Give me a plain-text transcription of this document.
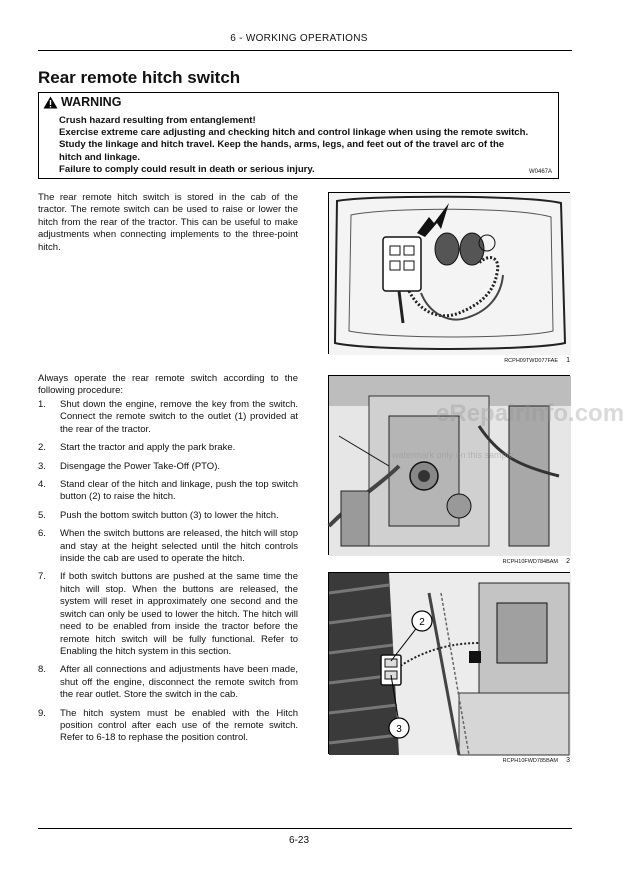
6 - WORKING OPERATIONS
Rear remote hitch switch
WARNING
Crush hazard resulting from entanglement!
Exercise extreme care adjusting and checking hitch and control linkage when using the remote switch.
Study the linkage and hitch travel. Keep the hands, arms, legs, and feet out of the travel arc of the
hitch and linkage.
Failure to comply could result in death or serious injury.	W0467A
The rear remote hitch switch is stored in the cab of the tractor. The remote switch can be used to raise or lower the hitch from the rear of the tractor. This can be useful to make adjustments when connecting implements to the three-point hitch.
Always operate the rear remote switch according to the following procedure:
1.	Shut down the engine, remove the key from the switch. Connect the remote switch to the outlet (1) provided at the rear of the tractor.
2.	Start the tractor and apply the park brake.
3.	Disengage the Power Take-Off (PTO).
4.	Stand clear of the hitch and linkage, push the top switch button (2) to raise the hitch.
5.	Push the bottom switch button (3) to lower the hitch.
6.	When the switch buttons are released, the hitch will stop and stay at the height selected until the hitch controls inside the cab are used to operate the hitch.
7.	If both switch buttons are pushed at the same time the hitch will stop. When the buttons are released, the system will reset in approximately one second and the switch can only be used to lower the hitch. The hitch will need to be enabled from inside the tractor before the remote hitch switch will be fully functional. Refer to Enabling the hitch system in this section.
8.	After all connections and adjustments have been made, shut off the engine, disconnect the remote switch from the rear outlet. Store the switch in the cab.
9.	The hitch system must be enabled with the Hitch position control after each use of the remote switch. Refer to 6-18 to rephase the position control.
RCPH09TWD077FAE 1
RCPH10FWD784BAM 2
2
3
RCPH10FWD785BAM 3
eRepairInfo.com
watermark only on this sample
6-23
